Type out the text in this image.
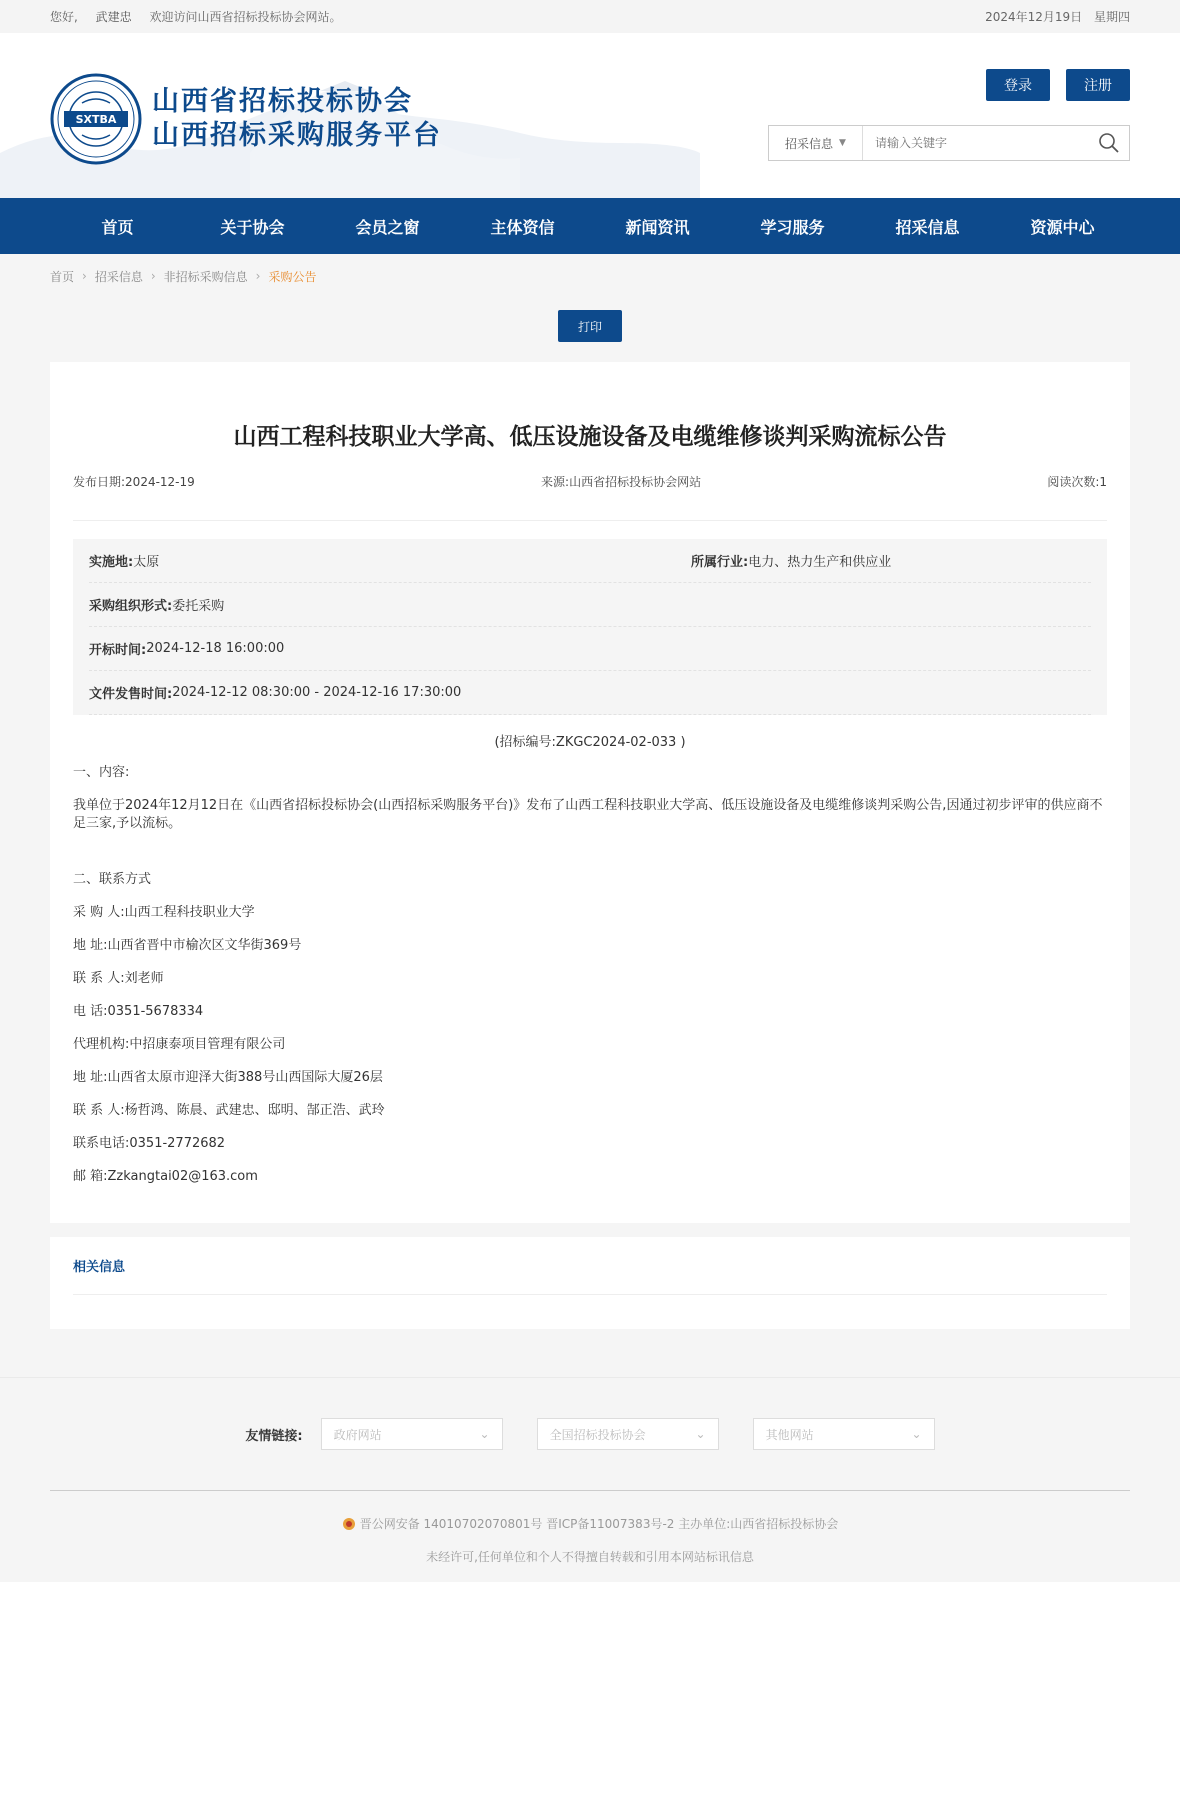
您好, 武建忠 欢迎访问山西省招标投标协会网站。	2024年12月19日 星期四
SXTBA
山西省招标投标协会
山西招标采购服务平台
登录	注册
招采信息 ▼
请输入关键字
首页	关于协会	会员之窗	主体资信	新闻资讯	学习服务	招采信息	资源中心
首页 › 招采信息 › 非招标采购信息 › 采购公告
打印
山西工程科技职业大学高、低压设施设备及电缆维修谈判采购流标公告
发布日期:2024-12-19	来源:山西省招标投标协会网站	阅读次数:1
实施地:太原	所属行业:电力、热力生产和供应业
采购组织形式: 委托采购
开标时间: 2024-12-18 16:00:00
文件发售时间: 2024-12-12 08:30:00 - 2024-12-16 17:30:00
(招标编号:ZKGC2024-02-033 )

一、内容:

我单位于2024年12月12日在《山西省招标投标协会(山西招标采购服务平台)》发布了山西工程科技职业大学高、低压设施设备及电缆维修谈判采购公告,因通过初步评审的供应商不足三家,予以流标。

二、联系方式

采 购 人:山西工程科技职业大学

地 址:山西省晋中市榆次区文华街369号

联 系 人:刘老师

电 话:0351-5678334

代理机构:中招康泰项目管理有限公司

地 址:山西省太原市迎泽大街388号山西国际大厦26层

联 系 人:杨哲鸿、陈晨、武建忠、邸明、郜正浩、武玲

联系电话:0351-2772682

邮 箱:Zzkangtai02@163.com

相关信息
友情链接:	政府网站	⌄	全国招标投标协会	⌄	其他网站	⌄
晋公网安备 14010702070801号 晋ICP备11007383号-2 主办单位:山西省招标投标协会
未经许可,任何单位和个人不得擅自转载和引用本网站标讯信息
